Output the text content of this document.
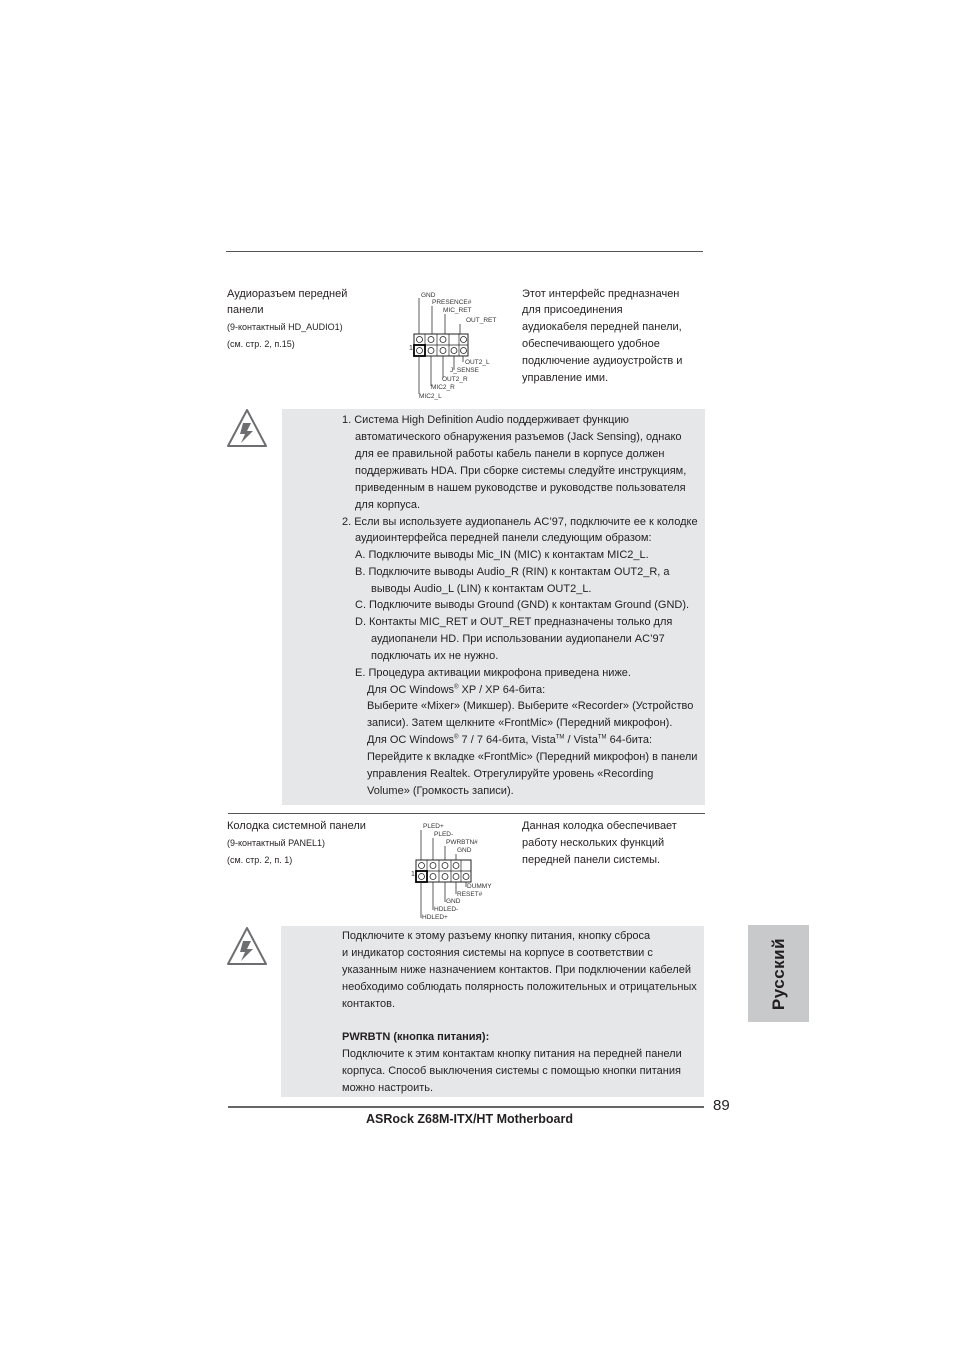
Аудиоразъем передней
панели
(9-контактный HD_AUDIO1)
(см. стр. 2, п.15)
GND
PRESENCE#
MIC_RET
OUT_RET
1
OUT2_L
J_SENSE
OUT2_R
MIC2_R
MIC2_L
Этот интерфейс предназначен
для присоединения
аудиокабеля передней панели,
обеспечивающего удобное
подключение аудиоустройств и
управление ими.
1. Система High Definition Audio поддерживает функцию
автоматического обнаружения разъемов (Jack Sensing), однако
для ее правильной работы кабель панели в корпусе должен
поддерживать HDA. При сборке системы следуйте инструкциям,
приведенным в нашем руководстве и руководстве пользователя
для корпуса.
2. Если вы используете аудиопанель AC’97, подключите ее к колодке
аудиоинтерфейса передней панели следующим образом:
A. Подключите выводы Mic_IN (MIC) к контактам MIC2_L.
B. Подключите выводы Audio_R (RIN) к контактам OUT2_R, а
выводы Audio_L (LIN) к контактам OUT2_L.
C. Подключите выводы Ground (GND) к контактам Ground (GND).
D. Контакты MIC_RET и OUT_RET предназначены только для
аудиопанели HD. При использовании аудиопанели AC’97
подключать их не нужно.
E. Процедура активации микрофона приведена ниже.
Для ОС Windows® XP / XP 64-бита:
Выберите «Mixer» (Микшер). Выберите «Recorder» (Устройство
записи). Затем щелкните «FrontMic» (Передний микрофон).
Для ОС Windows® 7 / 7 64-бита, Vista™ / Vista™ 64-бита:
Перейдите к вкладке «FrontMic» (Передний микрофон) в панели
управления Realtek. Отрегулируйте уровень «Recording
Volume» (Громкость записи).
Колодка системной панели
(9-контактный PANEL1)
(см. стр. 2, п. 1)
PLED+
PLED-
PWRBTN#
GND
1
DUMMY
RESET#
GND
HDLED-
HDLED+
Данная колодка обеспечивает
работу нескольких функций
передней панели системы.
Подключите к этому разъему кнопку питания, кнопку сброса
и индикатор состояния системы на корпусе в соответствии с
указанным ниже назначением контактов. При подключении кабелей
необходимо соблюдать полярность положительных и отрицательных
контактов.
PWRBTN (кнопка питания):
Подключите к этим контактам кнопку питания на передней панели
корпуса. Способ выключения системы с помощью кнопки питания
можно настроить.
Русский
89
ASRock Z68M-ITX/HT Motherboard
